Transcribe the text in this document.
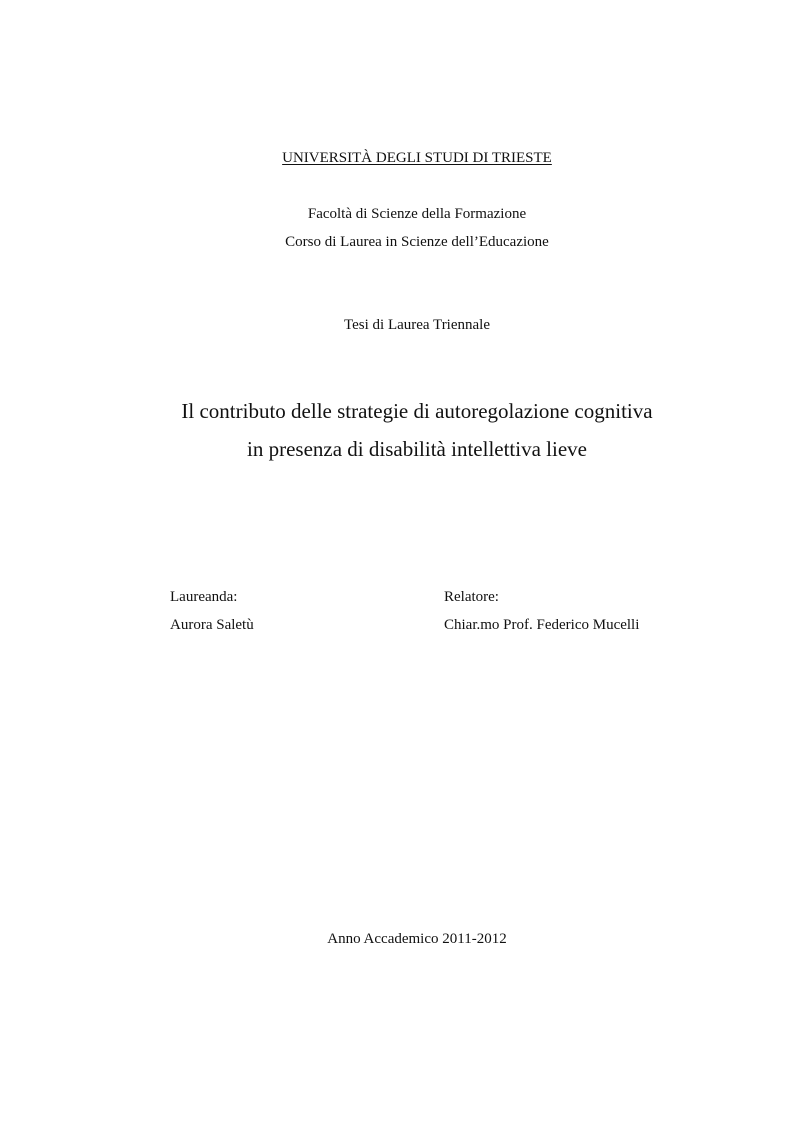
UNIVERSITÀ DEGLI STUDI DI TRIESTE
Facoltà di Scienze della Formazione
Corso di Laurea in Scienze dell’Educazione
Tesi di Laurea Triennale
Il contributo delle strategie di autoregolazione cognitiva
in presenza di disabilità intellettiva lieve
Laureanda:
Aurora Saletù
Relatore:
Chiar.mo Prof. Federico Mucelli
Anno Accademico 2011-2012
